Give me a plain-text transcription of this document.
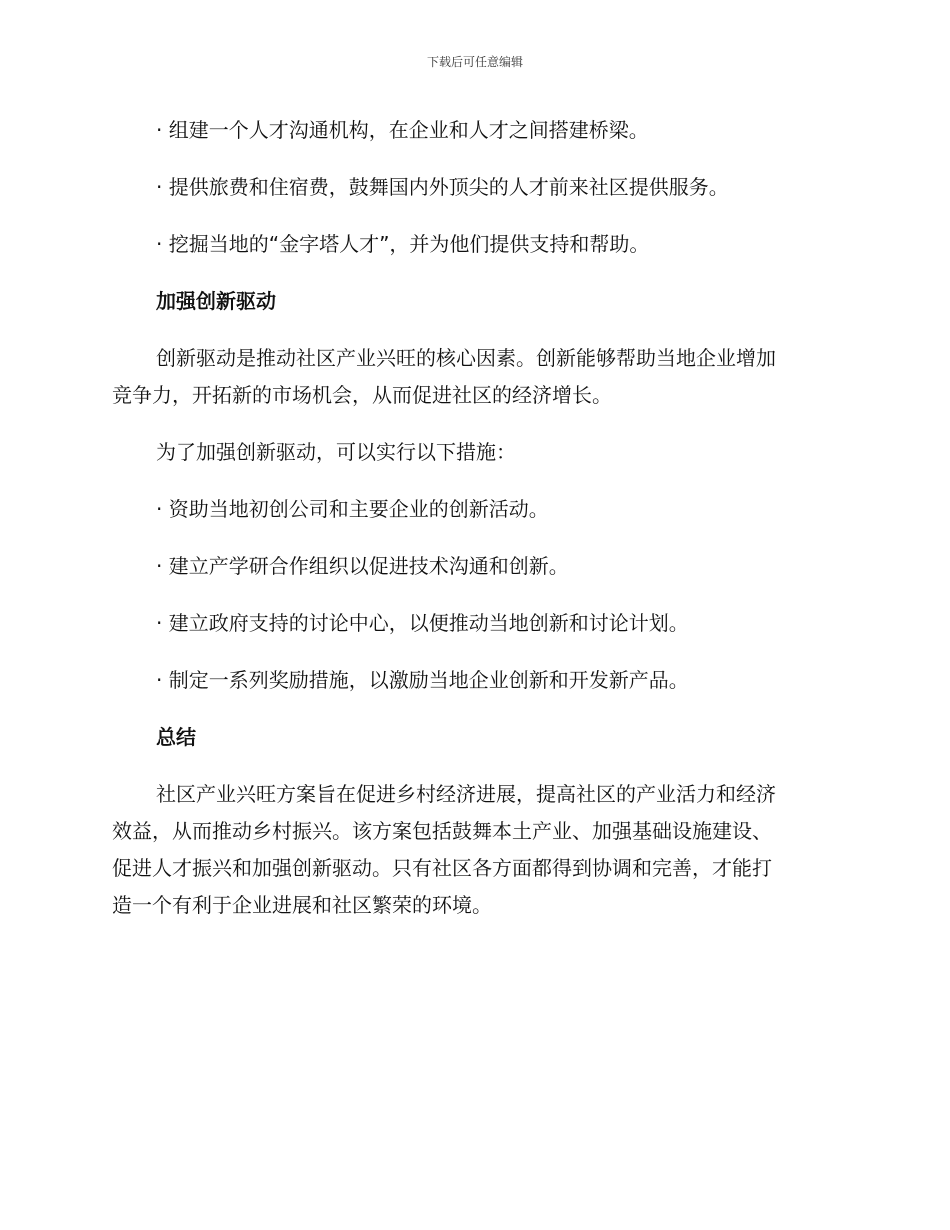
下载后可任意编辑
· 组建一个人才沟通机构，在企业和人才之间搭建桥梁。
· 提供旅费和住宿费，鼓舞国内外顶尖的人才前来社区提供服务。
· 挖掘当地的“金字塔人才”，并为他们提供支持和帮助。
加强创新驱动
创新驱动是推动社区产业兴旺的核心因素。创新能够帮助当地企业增加
竞争力，开拓新的市场机会，从而促进社区的经济增长。
为了加强创新驱动，可以实行以下措施：
· 资助当地初创公司和主要企业的创新活动。
· 建立产学研合作组织以促进技术沟通和创新。
· 建立政府支持的讨论中心，以便推动当地创新和讨论计划。
· 制定一系列奖励措施，以激励当地企业创新和开发新产品。
总结
社区产业兴旺方案旨在促进乡村经济进展，提高社区的产业活力和经济
效益，从而推动乡村振兴。该方案包括鼓舞本土产业、加强基础设施建设、
促进人才振兴和加强创新驱动。只有社区各方面都得到协调和完善，才能打
造一个有利于企业进展和社区繁荣的环境。
